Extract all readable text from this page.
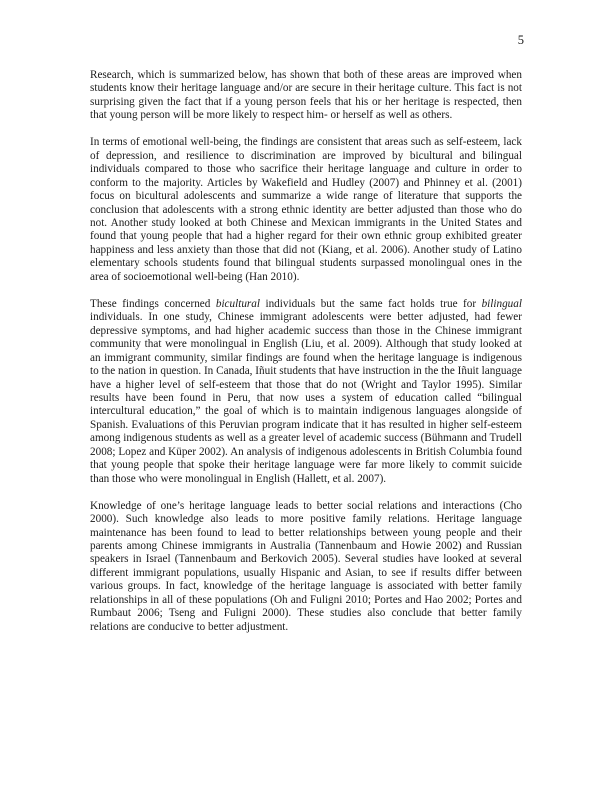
5

Research, which is summarized below, has shown that both of these areas are improved when students know their heritage language and/or are secure in their heritage culture. This fact is not surprising given the fact that if a young person feels that his or her heritage is respected, then that young person will be more likely to respect him- or herself as well as others.

In terms of emotional well-being, the findings are consistent that areas such as self-esteem, lack of depression, and resilience to discrimination are improved by bicultural and bilingual individuals compared to those who sacrifice their heritage language and culture in order to conform to the majority. Articles by Wakefield and Hudley (2007) and Phinney et al. (2001) focus on bicultural adolescents and summarize a wide range of literature that supports the conclusion that adolescents with a strong ethnic identity are better adjusted than those who do not. Another study looked at both Chinese and Mexican immigrants in the United States and found that young people that had a higher regard for their own ethnic group exhibited greater happiness and less anxiety than those that did not (Kiang, et al. 2006). Another study of Latino elementary schools students found that bilingual students surpassed monolingual ones in the area of socioemotional well-being (Han 2010).

These findings concerned bicultural individuals but the same fact holds true for bilingual individuals. In one study, Chinese immigrant adolescents were better adjusted, had fewer depressive symptoms, and had higher academic success than those in the Chinese immigrant community that were monolingual in English (Liu, et al. 2009). Although that study looked at an immigrant community, similar findings are found when the heritage language is indigenous to the nation in question. In Canada, Iñuit students that have instruction in the the Iñuit language have a higher level of self-esteem that those that do not (Wright and Taylor 1995). Similar results have been found in Peru, that now uses a system of education called “bilingual intercultural education,” the goal of which is to maintain indigenous languages alongside of Spanish. Evaluations of this Peruvian program indicate that it has resulted in higher self-esteem among indigenous students as well as a greater level of academic success (Bühmann and Trudell 2008; Lopez and Küper 2002). An analysis of indigenous adolescents in British Columbia found that young people that spoke their heritage language were far more likely to commit suicide than those who were monolingual in English (Hallett, et al. 2007).

Knowledge of one’s heritage language leads to better social relations and interactions (Cho 2000). Such knowledge also leads to more positive family relations. Heritage language maintenance has been found to lead to better relationships between young people and their parents among Chinese immigrants in Australia (Tannenbaum and Howie 2002) and Russian speakers in Israel (Tannenbaum and Berkovich 2005). Several studies have looked at several different immigrant populations, usually Hispanic and Asian, to see if results differ between various groups. In fact, knowledge of the heritage language is associated with better family relationships in all of these populations (Oh and Fuligni 2010; Portes and Hao 2002; Portes and Rumbaut 2006; Tseng and Fuligni 2000). These studies also conclude that better family relations are conducive to better adjustment.
